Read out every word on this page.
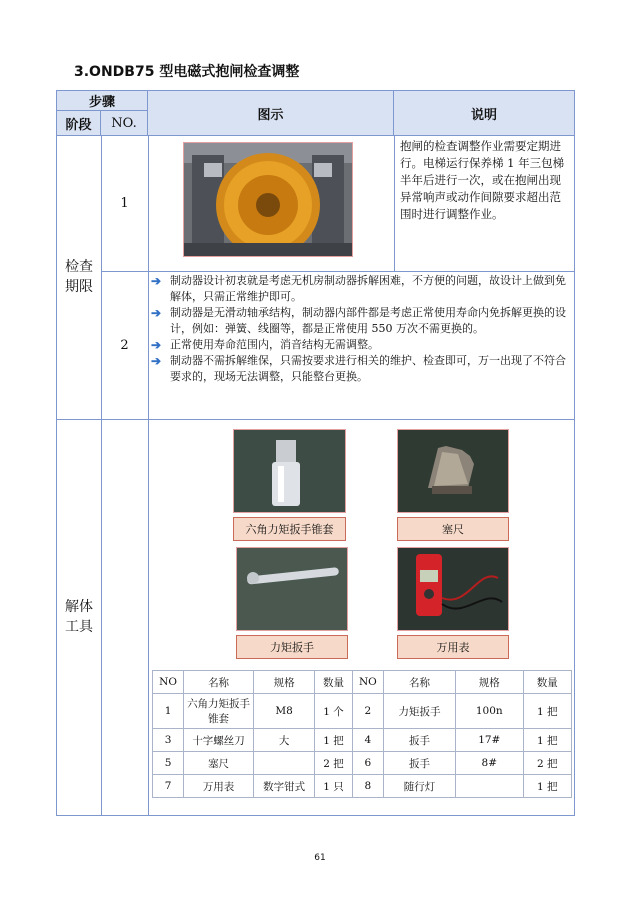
3.ONDB75 型电磁式抱闸检查调整
步骤
阶段	NO.
图示	说明
检查期限
1
抱闸的检查调整作业需要定期进行。电梯运行保养梯 1 年三包梯半年后进行一次，或在抱闸出现异常响声或动作间隙要求超出范围时进行调整作业。
2

➔ 制动器设计初衷就是考虑无机房制动器拆解困难，不方便的问题，故设计上做到免解体，只需正常维护即可。

➔ 制动器是无滑动轴承结构，制动器内部件都是考虑正常使用寿命内免拆解更换的设计，例如：弹簧、线圈等，都是正常使用 550 万次不需更换的。

➔ 正常使用寿命范围内，消音结构无需调整。

➔ 制动器不需拆解维保，只需按要求进行相关的维护、检查即可，万一出现了不符合要求的，现场无法调整，只能整台更换。

解体工具
六角力矩扳手锥套	塞尺
力矩扳手	万用表
NO	名称	规格	数量	NO	名称	规格	数量
1	六角力矩扳手锥套	M8	1 个	2	力矩扳手	100n	1 把
3	十字螺丝刀	大	1 把	4	扳手	17#	1 把
5	塞尺		2 把	6	扳手	8#	2 把
7	万用表	数字钳式	1 只	8	随行灯		1 把
61
